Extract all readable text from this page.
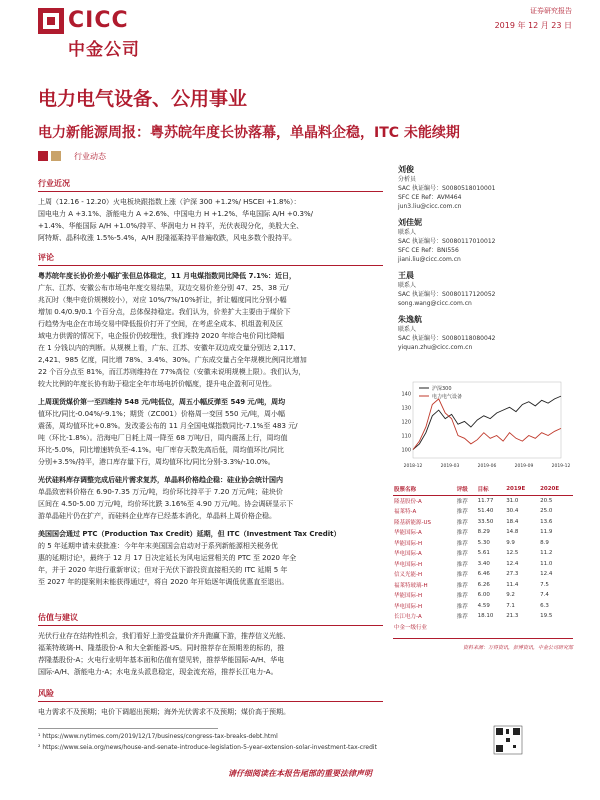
CICC
中金公司
证券研究报告
2019 年 12 月 23 日
电力电气设备、公用事业
电力新能源周报：粤苏皖年度长协落幕，单晶料企稳，ITC 未能续期
行业动态
行业近况
上周（12.16 - 12.20）火电板块跟指数上涨（沪深 300 +1.2%/ HSCEI +1.8%）：
国电电力 A +3.1%、浙能电力 A +2.6%、中国电力 H +1.2%、华电国际 A/H +0.3%/
+1.4%、华能国际 A/H +1.0%/持平、华润电力 H 持平，光伏表现分化，美股大全、
阿特斯、晶科收涨 1.5%-5.4%，A/H 股隆福莱持平普遍收跌，风电多数个股持平。
评论
粤苏皖年度长协价差小幅扩张但总体稳定，11 月电煤指数同比降低 7.1%：近日，
广东、江苏、安徽公布市场电年度交易结果，双边交易价差分别 47、25、38 元/
兆瓦时（集中竞价规模较小），对应 10%/7%/10%折让，折让幅度同比分别小幅
增加 0.4/0.9/0.1 个百分点，总体保持稳定。我们认为，价差扩大主要由于煤价下
行趋势为电企在市场交易中降低报价打开了空间，在考虑全成本、机组盈利及区
域电力供需的情况下，电企报价仍较理性，我们维持 2020 年综合电价同比降幅
在 1 分钱以内的判断。从规模上看，广东、江苏、安徽年双边成交量分别达 2,117、
2,421、985 亿度，同比增 78%、3.4%、30%。广东成交量占全年规模比例同比增加
22 个百分点至 81%，而江苏则维持在 77%高位（安徽未说明规模上限）。我们认为，
较大比例的年度长协有助于稳定全年市场电折价幅度，提升电企盈利可见性。
上周现货煤价第一至四维持 548 元/吨低位，周五小幅反弹至 549 元/吨，周均
值环比/同比-0.04%/-9.1%；期货（ZC001）价格周一变回 550 元/吨，周小幅
震荡，周均值环比+0.8%。发改委公布的 11 月全国电煤指数同比-7.1%至 483 元/
吨（环比-1.8%）。沿海电厂日耗上周一降至 68 万吨/日，周内震荡上行，周均值
环比-5.0%，同比增速转负至-4.1%。电厂库存天数先高后低，周均值环比/同比
分别+3.5%/持平，港口库存量下行，周均值环比/同比分别-3.3%/-10.0%。
光伏硅料库存调整完成后硅片需求复苏，单晶料价格趋企稳：硅业协会统计国内
单晶致密料价格在 6.90-7.35 万元/吨，均价环比持平于 7.20 万元/吨；硅块价
区间在 4.50-5.00 万元/吨，均价环比跌 3.16%至 4.90 万元/吨。协会调研显示下
游单晶硅片仍在扩产，而硅料企业库存已经基本消化，单晶料上周价格企稳。
美国国会通过 PTC（Production Tax Credit）延期，但 ITC（Investment Tax Credit）
的 5 年延期申请未获批准：今年年末美国国会启动对于系列新能源相关税务优
惠的延期讨论¹，最终于 12 月 17 日决定延长为风电运营相关的 PTC 至 2020 年全
年，并于 2020 年进行重新审议；但对于光伏下游投资直接相关的 ITC 延期 5 年
至 2027 年的提案则未能获得通过²，将自 2020 年开始逐年调低优惠直至退出。
估值与建议
光伏行业存在结构性机会，我们看好上游受益量价齐升跑赢下游，推荐信义光能、
福莱特玻璃-H、隆基股份-A 和大全新能源-US。同时推荐存在预期差的标的，推
荐隆基股份-A；火电行业明年基本面和估值有望见转，推荐华能国际-A/H、华电
国际-A/H、浙能电力-A；水电龙头派息稳定，现金流充裕，推荐长江电力-A。
风险
电力需求不及预期；电价下调超出预期；海外光伏需求不及预期；煤价高于预期。
刘俊
分析员
SAC 执证编号：S0080518010001
SFC CE Ref：AVM464
jun3.liu@cicc.com.cn
刘佳妮
联系人
SAC 执证编号：S0080117010012
SFC CE Ref：BNI556
jiani.liu@cicc.com.cn
王晨
联系人
SAC 执证编号：S0080117120052
song.wang@cicc.com.cn
朱逸航
联系人
SAC 执证编号：S0080118080042
yiquan.zhu@cicc.com.cn
100
110
120
130
140
2018-12	2019-03	2019-06	2019-09	2019-12
沪深300
电力电气设备
股票名称	评级	目标	2019E	2020E
隆基股份-A	推荐	11.77	31.0	20.5
福莱特-A	推荐	51.40	30.4	25.0
隆基新能源-US	推荐	33.50	18.4	13.6
华能国际-A	推荐	8.29	14.8	11.9
华能国际-H	推荐	5.30	9.9	8.9
华电国际-A	推荐	5.61	12.5	11.2
华电国际-H	推荐	3.40	12.4	11.0
信义光能-H	推荐	6.46	27.3	12.4
福莱特玻璃-H	推荐	6.26	11.4	7.5
华能国际-H	推荐	6.00	9.2	7.4
华电国际-H	推荐	4.59	7.1	6.3
长江电力-A	推荐	18.10	21.3	19.5
中金一级行业				
资料来源：万得资讯，彭博资讯，中金公司研究部
¹ https://www.nytimes.com/2019/12/17/business/congress-tax-breaks-debt.html
² https://www.seia.org/news/house-and-senate-introduce-legislation-5-year-extension-solar-investment-tax-credit
请仔细阅读在本报告尾部的重要法律声明
